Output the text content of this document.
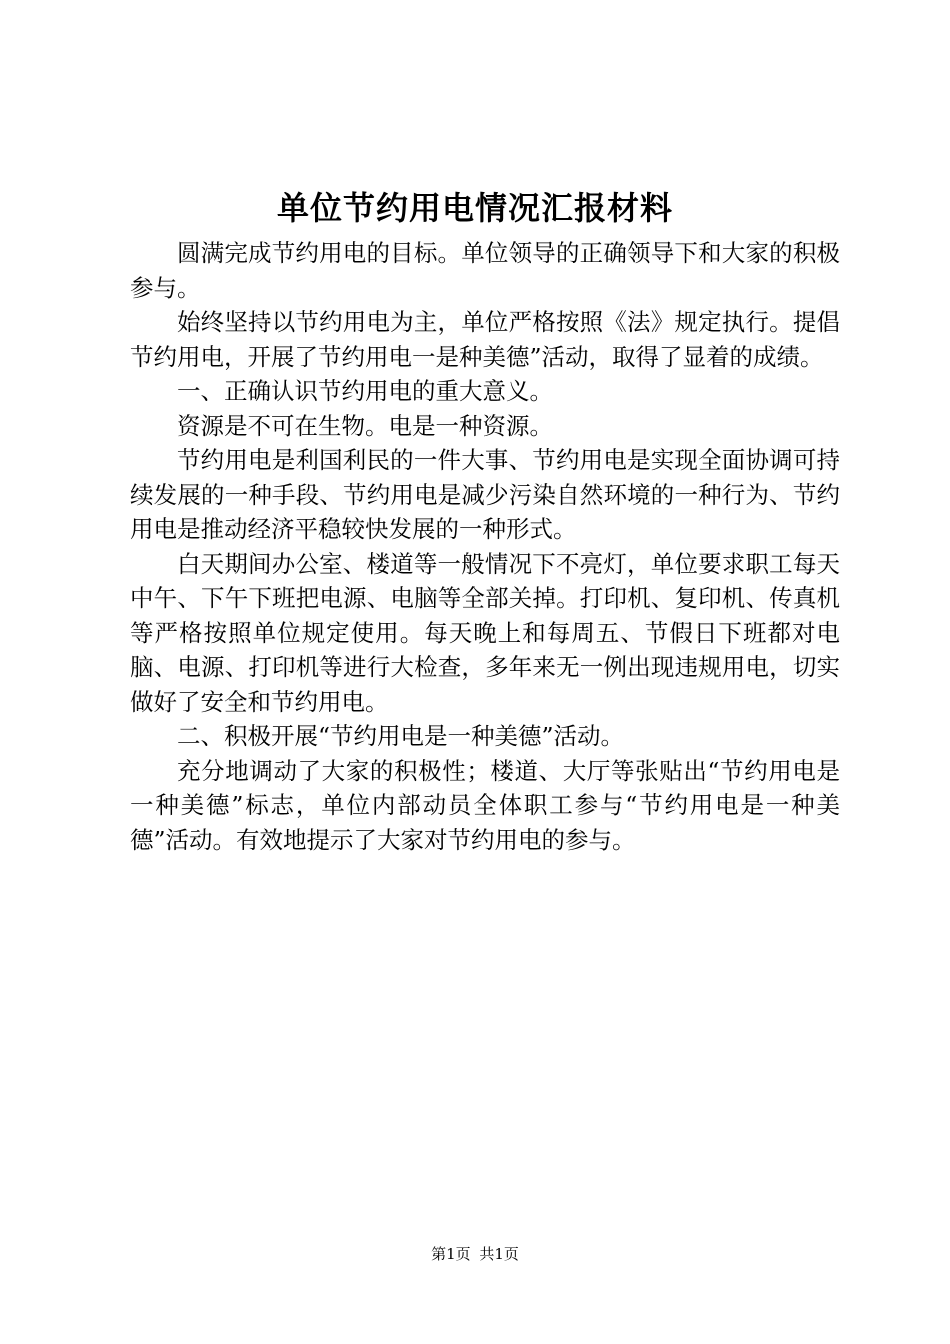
单位节约用电情况汇报材料

圆满完成节约用电的目标。单位领导的正确领导下和大家的积极参与。

始终坚持以节约用电为主，单位严格按照《法》规定执行。提倡节约用电，开展了节约用电一是种美德”活动，取得了显着的成绩。

一、正确认识节约用电的重大意义。

资源是不可在生物。电是一种资源。

节约用电是利国利民的一件大事、节约用电是实现全面协调可持续发展的一种手段、节约用电是减少污染自然环境的一种行为、节约用电是推动经济平稳较快发展的一种形式。

白天期间办公室、楼道等一般情况下不亮灯，单位要求职工每天中午、下午下班把电源、电脑等全部关掉。打印机、复印机、传真机等严格按照单位规定使用。每天晚上和每周五、节假日下班都对电脑、电源、打印机等进行大检查，多年来无一例出现违规用电，切实做好了安全和节约用电。

二、积极开展“节约用电是一种美德”活动。

充分地调动了大家的积极性；楼道、大厅等张贴出“节约用电是一种美德”标志，单位内部动员全体职工参与“节约用电是一种美德”活动。有效地提示了大家对节约用电的参与。

第1页 共1页
